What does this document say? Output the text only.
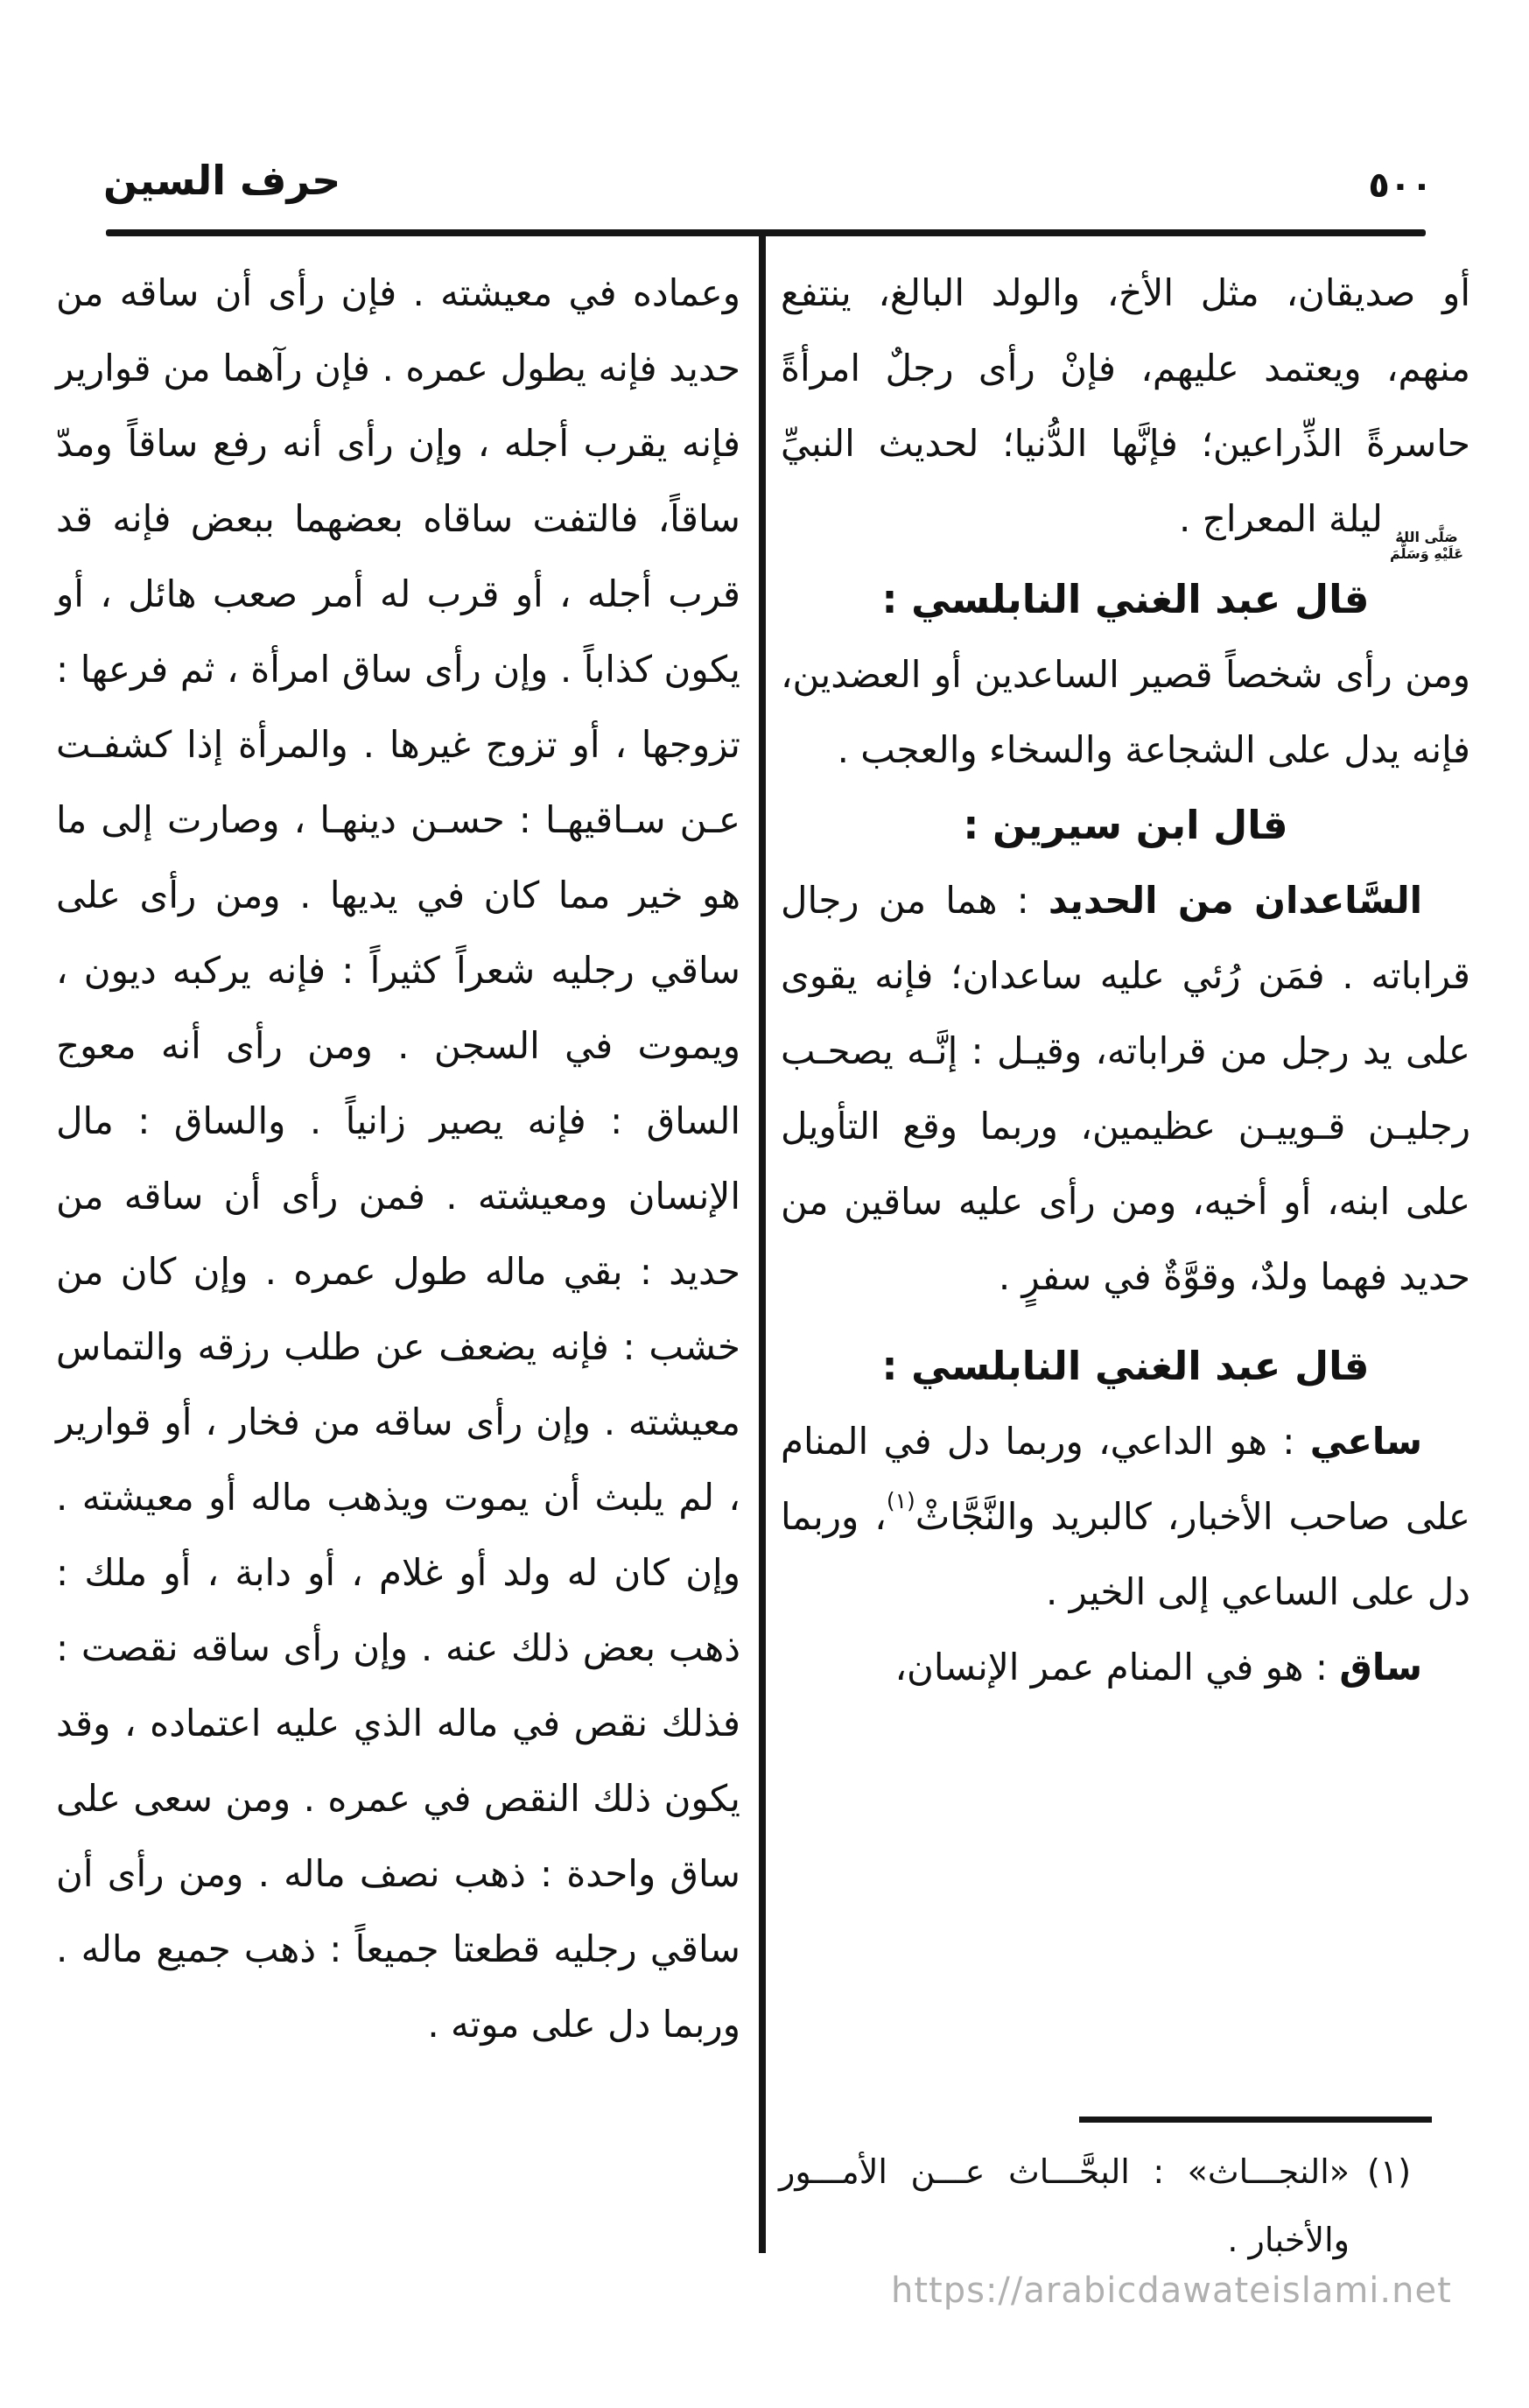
حرف السين	٥٠٠

أو صديقان، مثل الأخ، والولد البالغ، ينتفع منهم، ويعتمد عليهم، فإنْ رأى رجلٌ امرأةً حاسرةً الذِّراعين؛ فإنَّها الدُّنيا؛ لحديث النبيِّ
صَلَّى اللهُ
عَلَيْهِ وَسَلَّمَ
ليلة المعراج .

قال عبد الغني النابلسي :

ومن رأى شخصاً قصير الساعدين أو العضدين، فإنه يدل على الشجاعة والسخاء والعجب .

قال ابن سيرين :

السَّاعدان من الحديد : هما من رجال قراباته . فمَن رُئي عليه ساعدان؛ فإنه يقوى على يد رجل من قراباته، وقيـل : إنَّـه يصحـب رجليـن قـوييـن عظيمين، وربما وقع التأويل على ابنه، أو أخيه، ومن رأى عليه ساقين من حديد فهما ولدٌ، وقوَّةٌ في سفرٍ .

قال عبد الغني النابلسي :

ساعي : هو الداعي، وربما دل في المنام على صاحب الأخبار، كالبريد والنَّجَّاثْ$^{(١)}$، وربما دل على الساعي إلى الخير .

ساق : هو في المنام عمر الإنسان،

وعماده في معيشته . فإن رأى أن ساقه من حديد فإنه يطول عمره . فإن رآهما من قوارير فإنه يقرب أجله ، وإن رأى أنه رفع ساقاً ومدّ ساقاً، فالتفت ساقاه بعضهما ببعض فإنه قد قرب أجله ، أو قرب له أمر صعب هائل ، أو يكون كذاباً . وإن رأى ساق امرأة ، ثم فرعها : تزوجها ، أو تزوج غيرها . والمرأة إذا كشفـت عـن سـاقيهـا : حسـن دينهـا ، وصارت إلى ما هو خير مما كان في يديها . ومن رأى على ساقي رجليه شعراً كثيراً : فإنه يركبه ديون ، ويموت في السجن . ومن رأى أنه معوج الساق : فإنه يصير زانياً . والساق : مال الإنسان ومعيشته . فمن رأى أن ساقه من حديد : بقي ماله طول عمره . وإن كان من خشب : فإنه يضعف عن طلب رزقه والتماس معيشته . وإن رأى ساقه من فخار ، أو قوارير ، لم يلبث أن يموت ويذهب ماله أو معيشته . وإن كان له ولد أو غلام ، أو دابة ، أو ملك : ذهب بعض ذلك عنه . وإن رأى ساقه نقصت : فذلك نقص في ماله الذي عليه اعتماده ، وقد يكون ذلك النقص في عمره . ومن سعى على ساق واحدة : ذهب نصف ماله . ومن رأى أن ساقي رجليه قطعتا جميعاً : ذهب جميع ماله . وربما دل على موته .

(١)
«النجـــاث» : البحَّـــاث عـــن الأمـــور والأخبار .
https://arabicdawateislami.net
